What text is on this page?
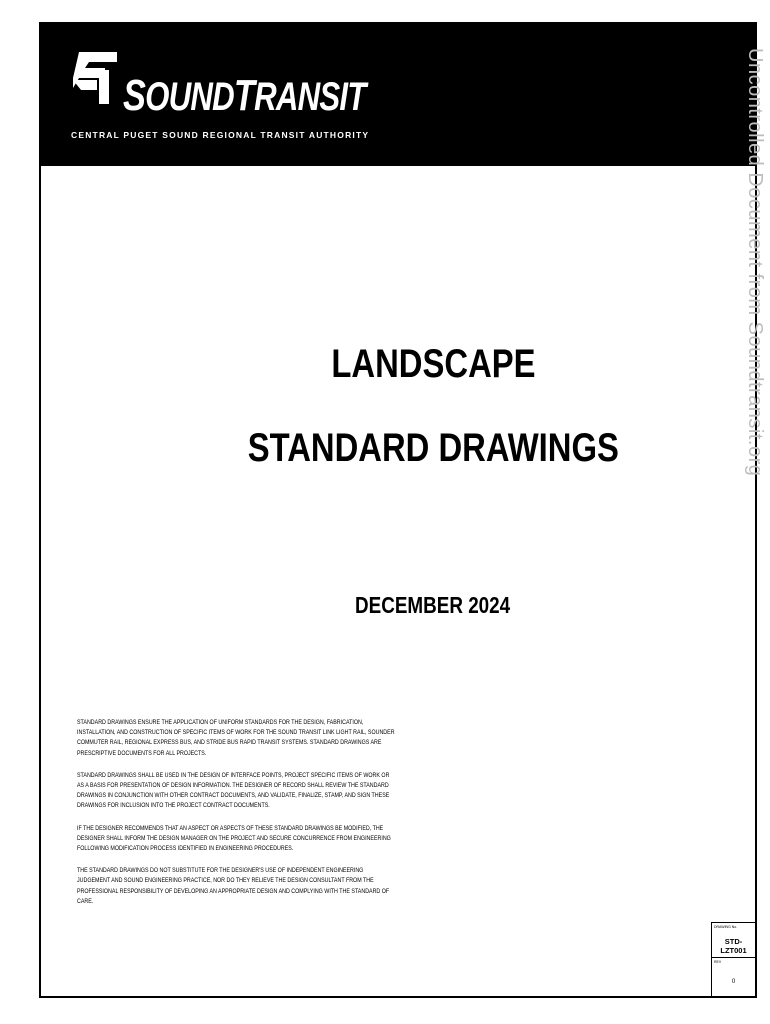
SOUNDTRANSIT
CENTRAL PUGET SOUND REGIONAL TRANSIT AUTHORITY
LANDSCAPE
STANDARD DRAWINGS
DECEMBER 2024

STANDARD DRAWINGS ENSURE THE APPLICATION OF UNIFORM STANDARDS FOR THE DESIGN, FABRICATION, INSTALLATION, AND CONSTRUCTION OF SPECIFIC ITEMS OF WORK FOR THE SOUND TRANSIT LINK LIGHT RAIL, SOUNDER COMMUTER RAIL, REGIONAL EXPRESS BUS, AND STRIDE BUS RAPID TRANSIT SYSTEMS. STANDARD DRAWINGS ARE PRESCRIPTIVE DOCUMENTS FOR ALL PROJECTS.

STANDARD DRAWINGS SHALL BE USED IN THE DESIGN OF INTERFACE POINTS, PROJECT SPECIFIC ITEMS OF WORK OR AS A BASIS FOR PRESENTATION OF DESIGN INFORMATION. THE DESIGNER OF RECORD SHALL REVIEW THE STANDARD DRAWINGS IN CONJUNCTION WITH OTHER CONTRACT DOCUMENTS, AND VALIDATE, FINALIZE, STAMP, AND SIGN THESE DRAWINGS FOR INCLUSION INTO THE PROJECT CONTRACT DOCUMENTS.

IF THE DESIGNER RECOMMENDS THAT AN ASPECT OR ASPECTS OF THESE STANDARD DRAWINGS BE MODIFIED, THE DESIGNER SHALL INFORM THE DESIGN MANAGER ON THE PROJECT AND SECURE CONCURRENCE FROM ENGINEERING FOLLOWING MODIFICATION PROCESS IDENTIFIED IN ENGINEERING PROCEDURES.

THE STANDARD DRAWINGS DO NOT SUBSTITUTE FOR THE DESIGNER'S USE OF INDEPENDENT ENGINEERING JUDGEMENT AND SOUND ENGINEERING PRACTICE, NOR DO THEY RELIEVE THE DESIGN CONSULTANT FROM THE PROFESSIONAL RESPONSIBILITY OF DEVELOPING AN APPROPRIATE DESIGN AND COMPLYING WITH THE STANDARD OF CARE.

DRAWING No.
STD-LZT001
REV
0
Uncontrolled Document from Soundtransit.org
